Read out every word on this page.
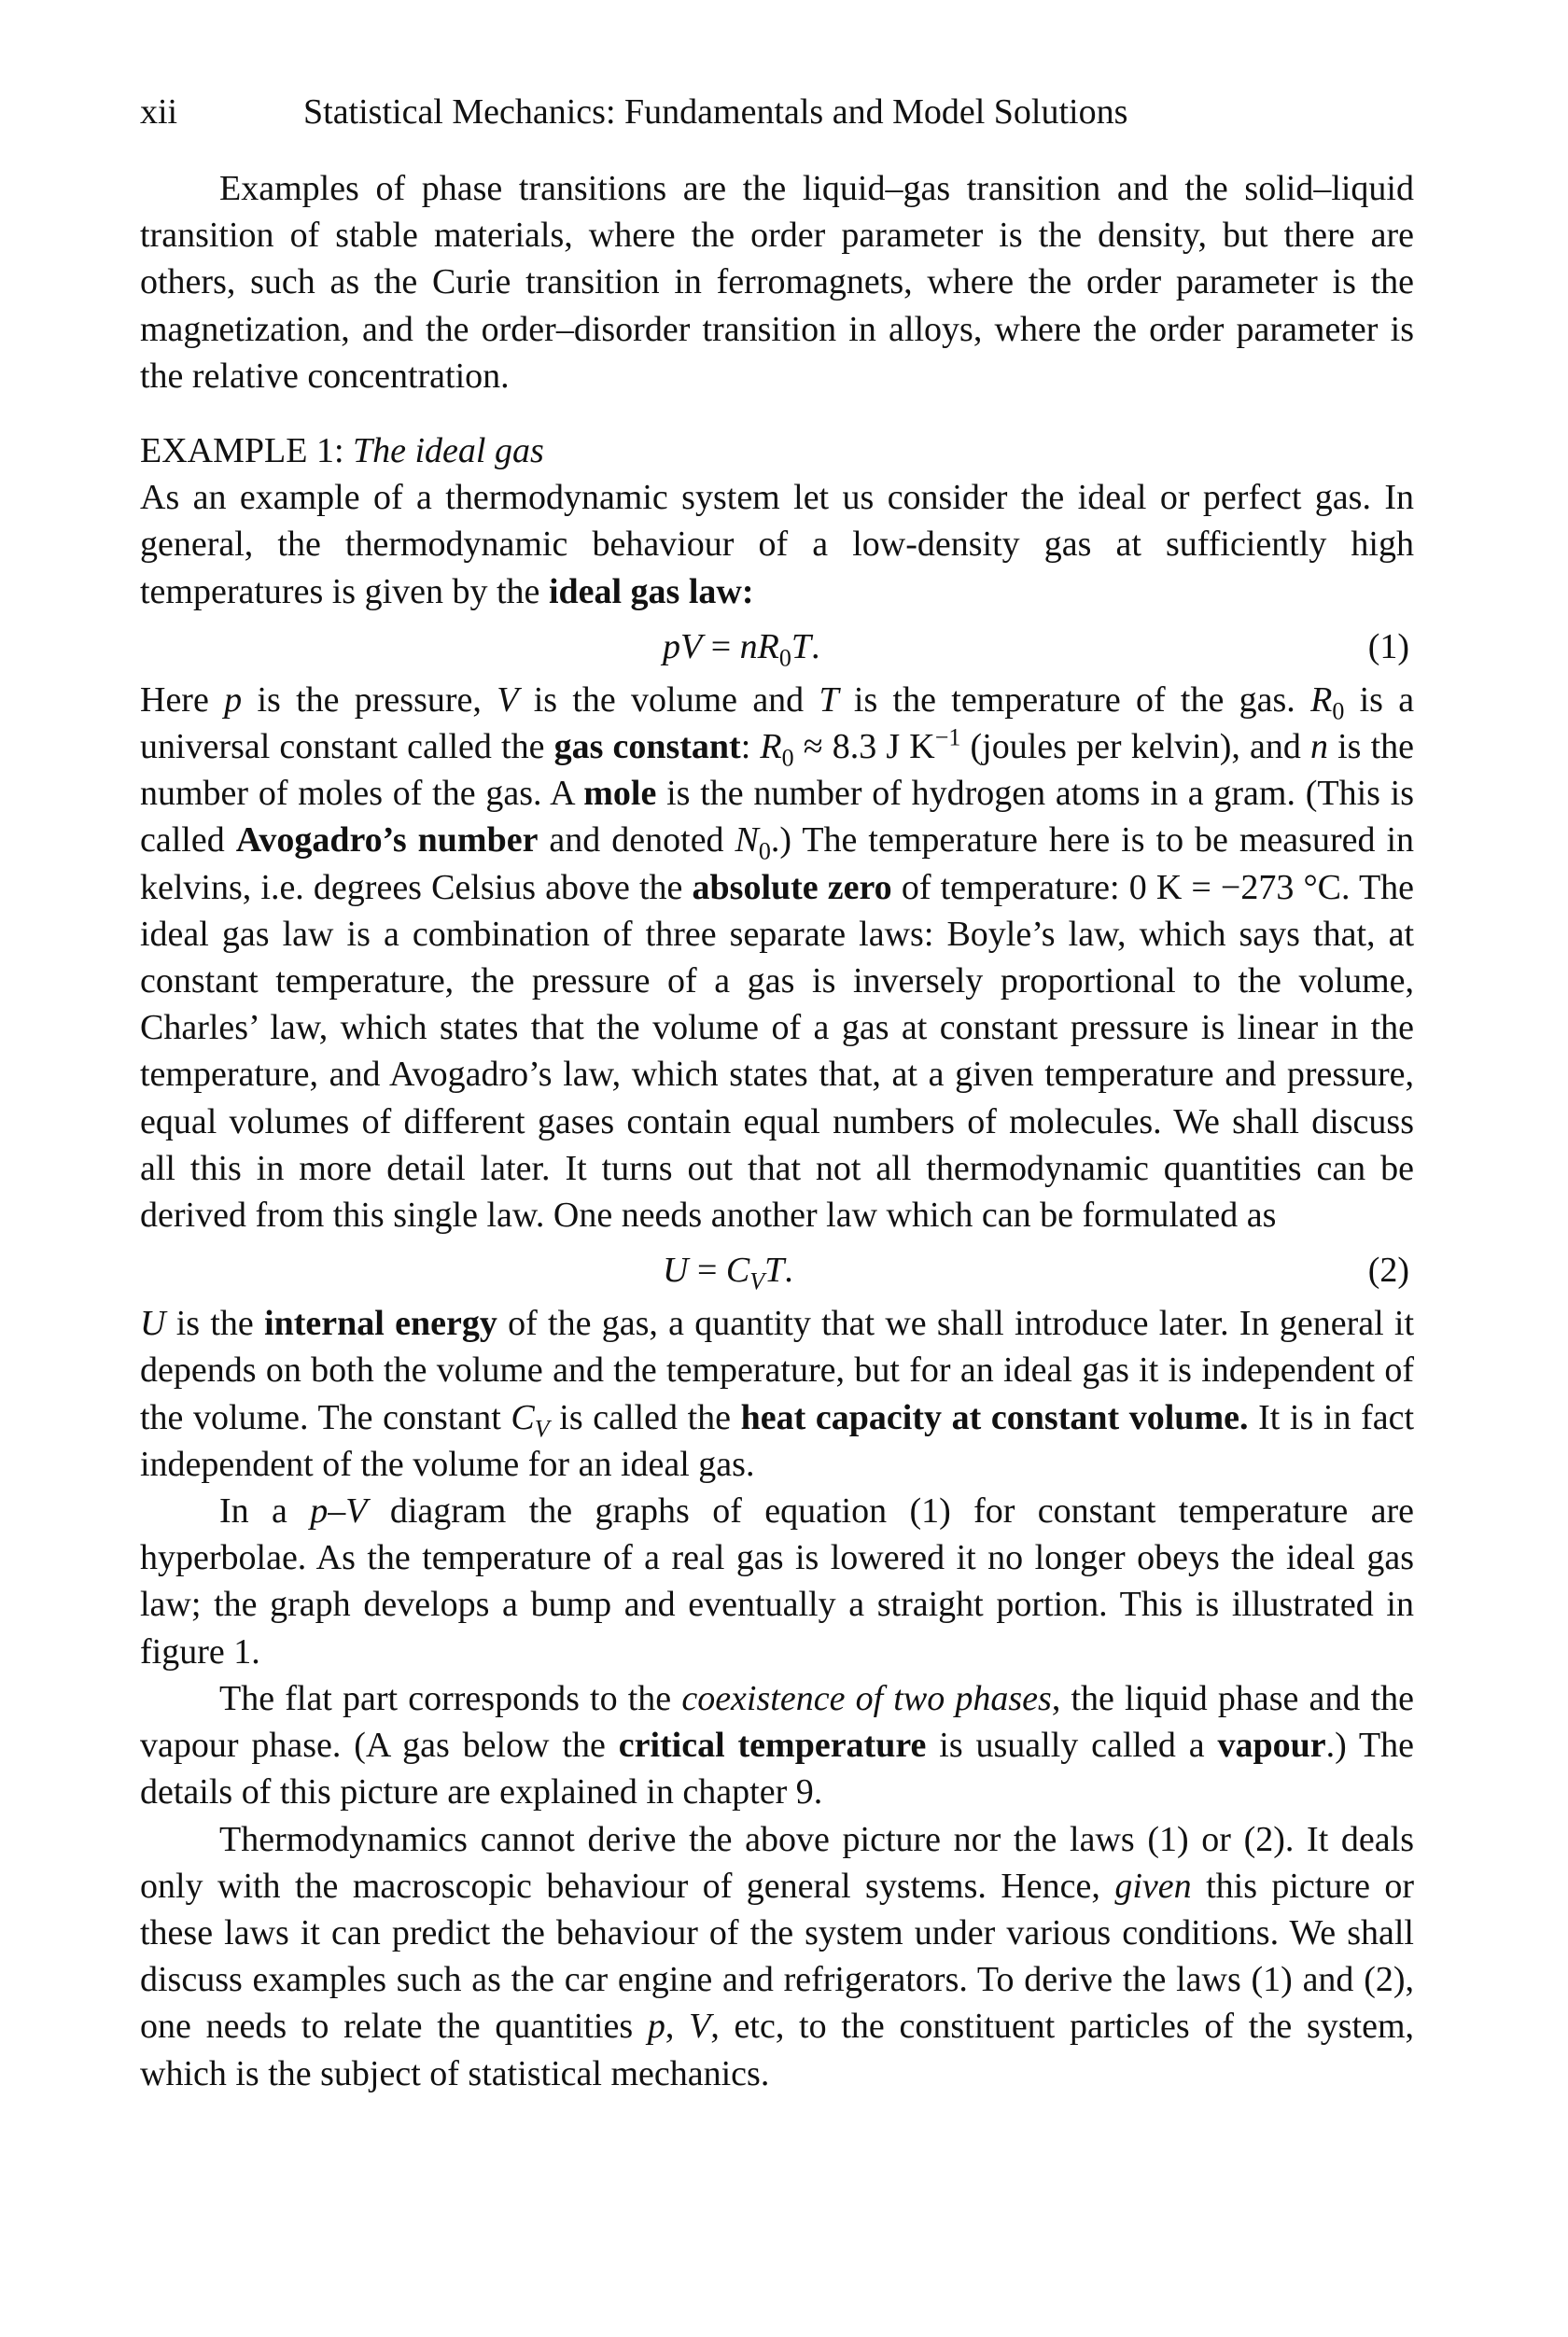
xii	Statistical Mechanics: Fundamentals and Model Solutions

Examples of phase transitions are the liquid–gas transition and the solid–liquid transition of stable materials, where the order parameter is the density, but there are others, such as the Curie transition in ferromagnets, where the order parameter is the magnetization, and the order–disorder transition in alloys, where the order parameter is the relative concentration.

EXAMPLE 1: The ideal gas

As an example of a thermodynamic system let us consider the ideal or perfect gas. In general, the thermodynamic behaviour of a low-density gas at sufficiently high temperatures is given by the ideal gas law:

pV = $nR_0T$.	(1)

Here p is the pressure, V is the volume and T is the temperature of the gas. $R_0$ is a universal constant called the gas constant: $R_0 \approx 8.3$ J $K^{-1}$ (joules per kelvin), and n is the number of moles of the gas. A mole is the number of hydrogen atoms in a gram. (This is called Avogadro’s number and denoted $N_0$.) The temperature here is to be measured in kelvins, i.e. degrees Celsius above the absolute zero of temperature: 0 K = −273 °C. The ideal gas law is a combination of three separate laws: Boyle’s law, which says that, at constant temperature, the pressure of a gas is inversely proportional to the volume, Charles’ law, which states that the volume of a gas at constant pressure is linear in the temperature, and Avogadro’s law, which states that, at a given temperature and pressure, equal volumes of different gases contain equal numbers of molecules. We shall discuss all this in more detail later. It turns out that not all thermodynamic quantities can be derived from this single law. One needs another law which can be formulated as

$U = C_VT$.	(2)

U is the internal energy of the gas, a quantity that we shall introduce later. In general it depends on both the volume and the temperature, but for an ideal gas it is independent of the volume. The constant $C_V$ is called the heat capacity at constant volume. It is in fact independent of the volume for an ideal gas.

In a p–V diagram the graphs of equation (1) for constant temperature are hyperbolae. As the temperature of a real gas is lowered it no longer obeys the ideal gas law; the graph develops a bump and eventually a straight portion. This is illustrated in figure 1.

The flat part corresponds to the coexistence of two phases, the liquid phase and the vapour phase. (A gas below the critical temperature is usually called a vapour.) The details of this picture are explained in chapter 9.

Thermodynamics cannot derive the above picture nor the laws (1) or (2). It deals only with the macroscopic behaviour of general systems. Hence, given this picture or these laws it can predict the behaviour of the system under various conditions. We shall discuss examples such as the car engine and refrigerators. To derive the laws (1) and (2), one needs to relate the quantities p, V, etc, to the constituent particles of the system, which is the subject of statistical mechanics.
